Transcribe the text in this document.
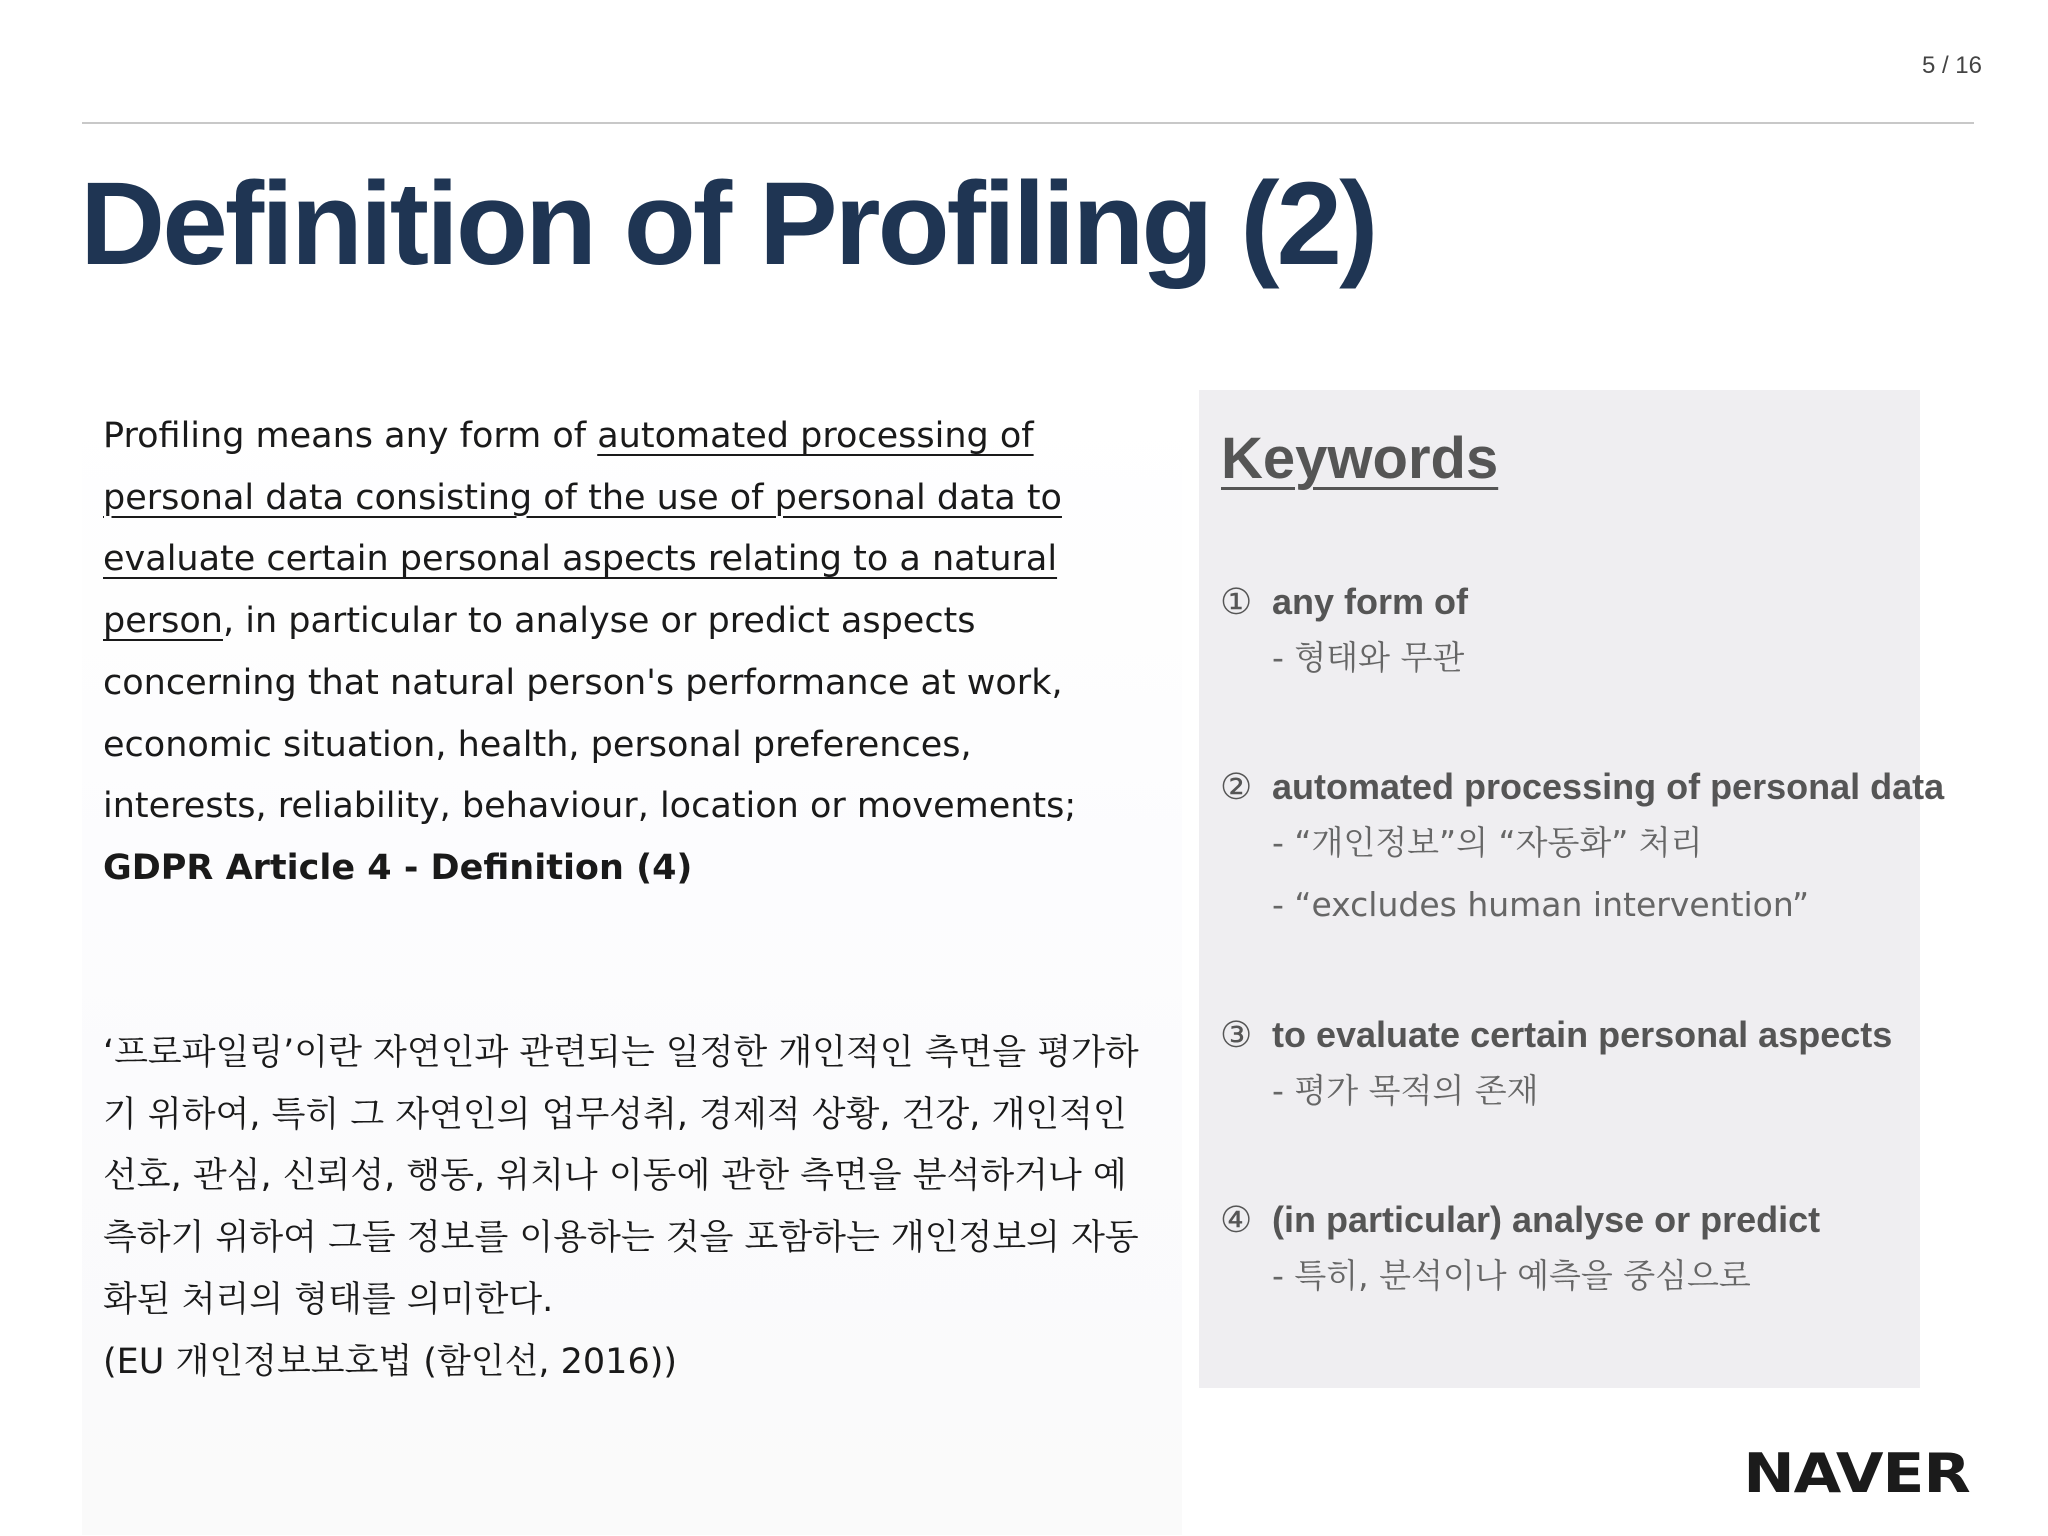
5 / 16
Definition of Profiling (2)
Profiling means any form of automated processing of personal data consisting of the use of personal data to evaluate certain personal aspects relating to a natural person, in particular to analyse or predict aspects concerning that natural person's performance at work, economic situation, health, personal preferences, interests, reliability, behaviour, location or movements;
GDPR Article 4 - Definition (4)
‘프로파일링’이란 자연인과 관련되는 일정한 개인적인 측면을 평가하기 위하여, 특히 그 자연인의 업무성취, 경제적 상황, 건강, 개인적인 선호, 관심, 신뢰성, 행동, 위치나 이동에 관한 측면을 분석하거나 예측하기 위하여 그들 정보를 이용하는 것을 포함하는 개인정보의 자동화된 처리의 형태를 의미한다.
(EU 개인정보보호법 (함인선, 2016))
Keywords
① any form of
- 형태와 무관
② automated processing of personal data
- “개인정보”의 “자동화” 처리
- “excludes human intervention”
③ to evaluate certain personal aspects
- 평가 목적의 존재
④ (in particular) analyse or predict
- 특히, 분석이나 예측을 중심으로
NAVER
